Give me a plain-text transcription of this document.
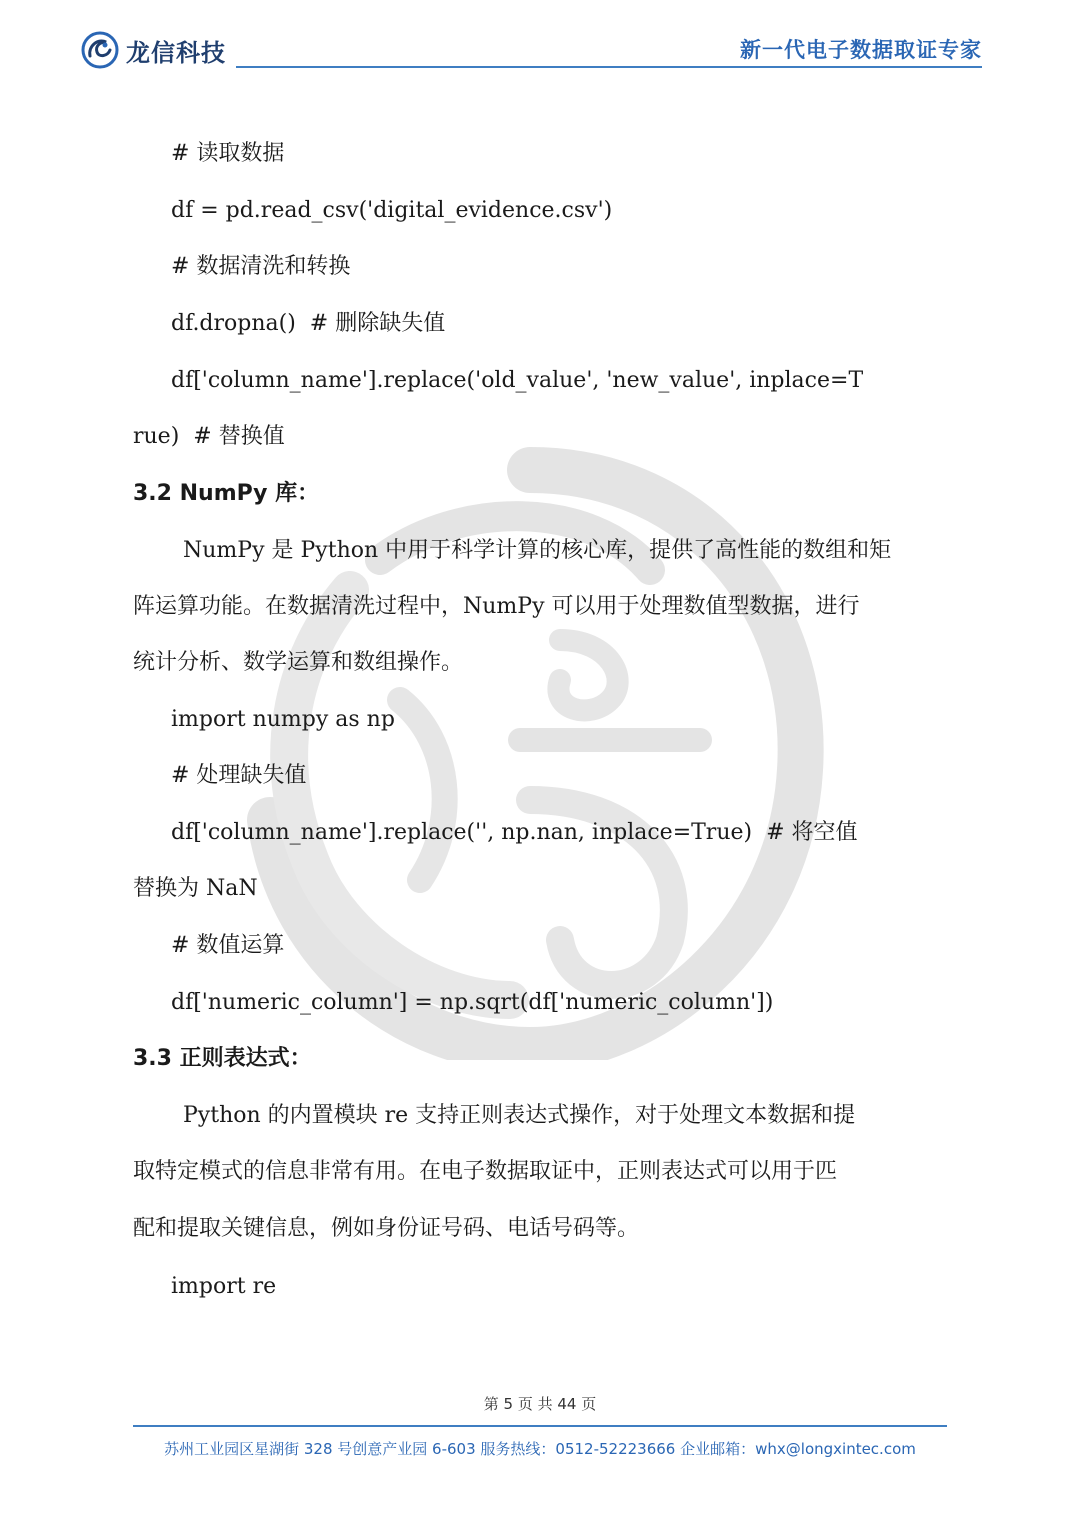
龙信科技	新一代电子数据取证专家
# 读取数据
df = pd.read_csv('digital_evidence.csv')
# 数据清洗和转换
df.dropna()  # 删除缺失值
df['column_name'].replace('old_value', 'new_value', inplace=T
rue)  # 替换值
3.2 NumPy 库：
NumPy 是 Python 中用于科学计算的核心库，提供了高性能的数组和矩
阵运算功能。在数据清洗过程中，NumPy 可以用于处理数值型数据，进行
统计分析、数学运算和数组操作。
import numpy as np
# 处理缺失值
df['column_name'].replace('', np.nan, inplace=True)  # 将空值
替换为 NaN
# 数值运算
df['numeric_column'] = np.sqrt(df['numeric_column'])
3.3 正则表达式：
Python 的内置模块 re 支持正则表达式操作，对于处理文本数据和提
取特定模式的信息非常有用。在电子数据取证中，正则表达式可以用于匹
配和提取关键信息，例如身份证号码、电话号码等。
import re
第 5 页 共 44 页
苏州工业园区星湖街 328 号创意产业园 6-603 服务热线：0512-52223666 企业邮箱：whx@longxintec.com
